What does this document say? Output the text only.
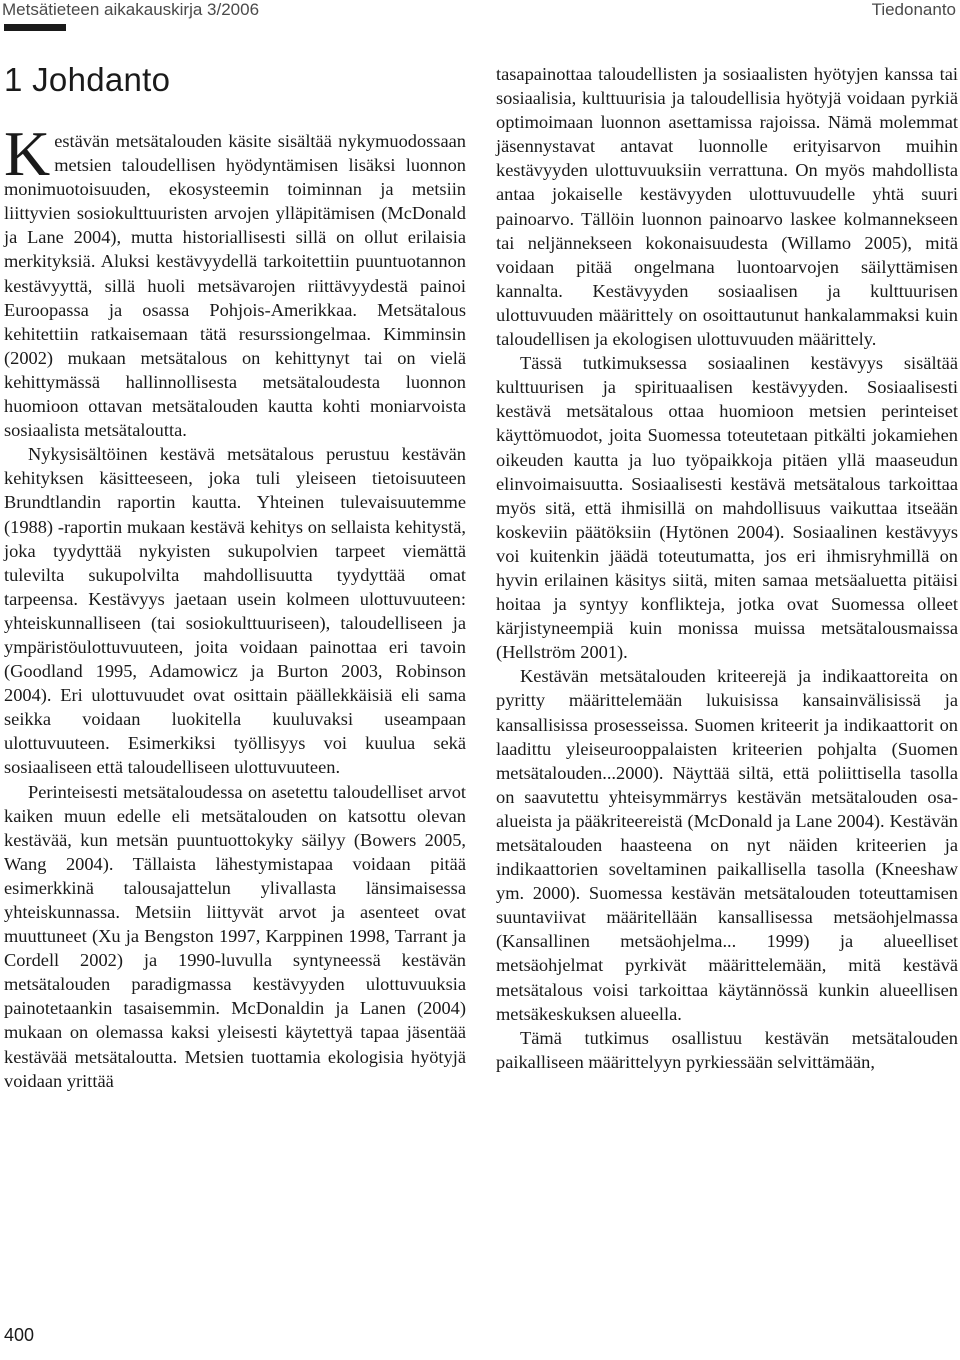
Metsätieteen aikakauskirja 3/2006	Tiedonanto
1 Johdanto

Kestävän metsätalouden käsite sisältää nykymuodossaan metsien taloudellisen hyödyntämisen lisäksi luonnon monimuotoisuuden, ekosysteemin toiminnan ja metsiin liittyvien sosiokulttuuristen arvojen ylläpitämisen (McDonald ja Lane 2004), mutta historiallisesti sillä on ollut erilaisia merkityksiä. Aluksi kestävyydellä tarkoitettiin puuntuotannon kestävyyttä, sillä huoli metsävarojen riittävyydestä painoi Euroopassa ja osassa Pohjois-Amerikkaa. Metsätalous kehitettiin ratkaisemaan tätä resurssiongelmaa. Kimminsin (2002) mukaan metsätalous on kehittynyt tai on vielä kehittymässä hallinnollisesta metsätaloudesta luonnon huomioon ottavan metsätalouden kautta kohti moniarvoista sosiaalista metsätaloutta.

Nykysisältöinen kestävä metsätalous perustuu kestävän kehityksen käsitteeseen, joka tuli yleiseen tietoisuuteen Brundtlandin raportin kautta. Yhteinen tulevaisuutemme (1988) -raportin mukaan kestävä kehitys on sellaista kehitystä, joka tyydyttää nykyisten sukupolvien tarpeet viemättä tulevilta sukupolvilta mahdollisuutta tyydyttää omat tarpeensa. Kestävyys jaetaan usein kolmeen ulottuvuuteen: yhteiskunnalliseen (tai sosiokulttuuriseen), taloudelliseen ja ympäristöulottuvuuteen, joita voidaan painottaa eri tavoin (Goodland 1995, Adamowicz ja Burton 2003, Robinson 2004). Eri ulottuvuudet ovat osittain päällekkäisiä eli sama seikka voidaan luokitella kuuluvaksi useampaan ulottuvuuteen. Esimerkiksi työllisyys voi kuulua sekä sosiaaliseen että taloudelliseen ulottuvuuteen.

Perinteisesti metsätaloudessa on asetettu taloudelliset arvot kaiken muun edelle eli metsätalouden on katsottu olevan kestävää, kun metsän puuntuottokyky säilyy (Bowers 2005, Wang 2004). Tällaista lähestymistapaa voidaan pitää esimerkkinä talousajattelun ylivallasta länsimaisessa yhteiskunnassa. Metsiin liittyvät arvot ja asenteet ovat muuttuneet (Xu ja Bengston 1997, Karppinen 1998, Tarrant ja Cordell 2002) ja 1990-luvulla syntyneessä kestävän metsätalouden paradigmassa kestävyyden ulottuvuuksia painotetaankin tasaisemmin. McDonaldin ja Lanen (2004) mukaan on olemassa kaksi yleisesti käytettyä tapaa jäsentää kestävää metsätaloutta. Metsien tuottamia ekologisia hyötyjä voidaan yrittää

tasapainottaa taloudellisten ja sosiaalisten hyötyjen kanssa tai sosiaalisia, kulttuurisia ja taloudellisia hyötyjä voidaan pyrkiä optimoimaan luonnon asettamissa rajoissa. Nämä molemmat jäsennystavat antavat luonnolle erityisarvon muihin kestävyyden ulottuvuuksiin verrattuna. On myös mahdollista antaa jokaiselle kestävyyden ulottuvuudelle yhtä suuri painoarvo. Tällöin luonnon painoarvo laskee kolmannekseen tai neljännekseen kokonaisuudesta (Willamo 2005), mitä voidaan pitää ongelmana luontoarvojen säilyttämisen kannalta. Kestävyyden sosiaalisen ja kulttuurisen ulottuvuuden määrittely on osoittautunut hankalammaksi kuin taloudellisen ja ekologisen ulottuvuuden määrittely.

Tässä tutkimuksessa sosiaalinen kestävyys sisältää kulttuurisen ja spirituaalisen kestävyyden. Sosiaalisesti kestävä metsätalous ottaa huomioon metsien perinteiset käyttömuodot, joita Suomessa toteutetaan pitkälti jokamiehen oikeuden kautta ja luo työpaikkoja pitäen yllä maaseudun elinvoimaisuutta. Sosiaalisesti kestävä metsätalous tarkoittaa myös sitä, että ihmisillä on mahdollisuus vaikuttaa itseään koskeviin päätöksiin (Hytönen 2004). Sosiaalinen kestävyys voi kuitenkin jäädä toteutumatta, jos eri ihmisryhmillä on hyvin erilainen käsitys siitä, miten samaa metsäaluetta pitäisi hoitaa ja syntyy konflikteja, jotka ovat Suomessa olleet kärjistyneempiä kuin monissa muissa metsätalousmaissa (Hellström 2001).

Kestävän metsätalouden kriteerejä ja indikaattoreita on pyritty määrittelemään lukuisissa kansainvälisissä ja kansallisissa prosesseissa. Suomen kriteerit ja indikaattorit on laadittu yleiseurooppalaisten kriteerien pohjalta (Suomen metsätalouden...2000). Näyttää siltä, että poliittisella tasolla on saavutettu yhteisymmärrys kestävän metsätalouden osa-alueista ja pääkriteereistä (McDonald ja Lane 2004). Kestävän metsätalouden haasteena on nyt näiden kriteerien ja indikaattorien soveltaminen paikallisella tasolla (Kneeshaw ym. 2000). Suomessa kestävän metsätalouden toteuttamisen suuntaviivat määritellään kansallisessa metsäohjelmassa (Kansallinen metsäohjelma... 1999) ja alueelliset metsäohjelmat pyrkivät määrittelemään, mitä kestävä metsätalous voisi tarkoittaa käytännössä kunkin alueellisen metsäkeskuksen alueella.

Tämä tutkimus osallistuu kestävän metsätalouden paikalliseen määrittelyyn pyrkiessään selvittämään,

400
